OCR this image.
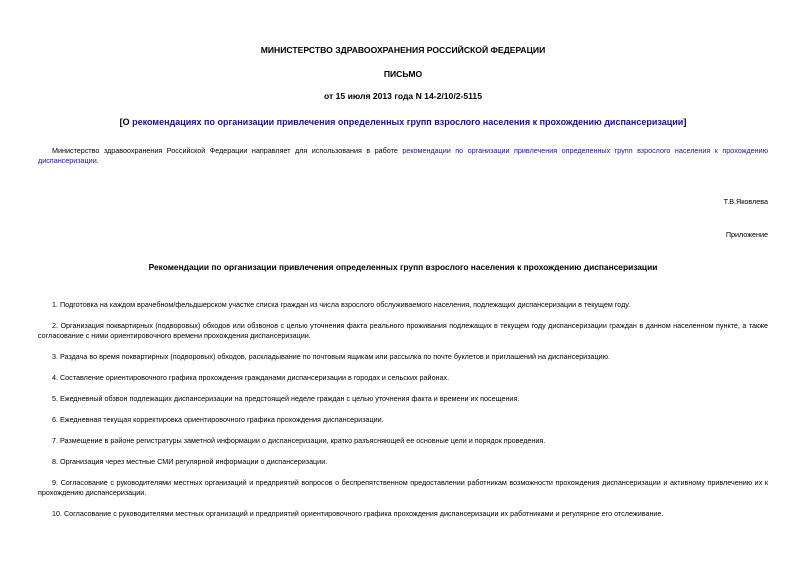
МИНИСТЕРСТВО ЗДРАВООХРАНЕНИЯ РОССИЙСКОЙ ФЕДЕРАЦИИ
ПИСЬМО
от 15 июля 2013 года N 14-2/10/2-5115
[О рекомендациях по организации привлечения определенных групп взрослого населения к прохождению диспансеризации]
Министерство здравоохранения Российской Федерации направляет для использования в работе рекомендации по организации привлечения определенных групп взрослого населения к прохождению диспансеризации.
Т.В.Яковлева
Приложение
Рекомендации по организации привлечения определенных групп взрослого населения к прохождению диспансеризации

1. Подготовка на каждом врачебном/фельдшерском участке списка граждан из числа взрослого обслуживаемого населения, подлежащих диспансеризации в текущем году.

2. Организация поквартирных (подворовых) обходов или обзвонов с целью уточнения факта реального проживания подлежащих в текущем году диспансеризации граждан в данном населенном пункте, а также согласование с ними ориентировочного времени прохождения диспансеризации.

3. Раздача во время поквартирных (подворовых) обходов, раскладывание по почтовым ящикам или рассылка по почте буклетов и приглашений на диспансеризацию.

4. Составление ориентировочного графика прохождения гражданами диспансеризации в городах и сельских районах.

5. Ежедневный обзвон подлежащих диспансеризации на предстоящей неделе граждан с целью уточнения факта и времени их посещения.

6. Ежедневная текущая корректировка ориентировочного графика прохождения диспансеризации.

7. Размещение в районе регистратуры заметной информации о диспансеризации, кратко разъясняющей ее основные цели и порядок проведения.

8. Организация через местные СМИ регулярной информации о диспансеризации.

9. Согласование с руководителями местных организаций и предприятий вопросов о беспрепятственном предоставлении работникам возможности прохождения диспансеризации и активному привлечению их к прохождению диспансеризации.

10. Согласование с руководителями местных организаций и предприятий ориентировочного графика прохождения диспансеризации их работниками и регулярное его отслеживание.
